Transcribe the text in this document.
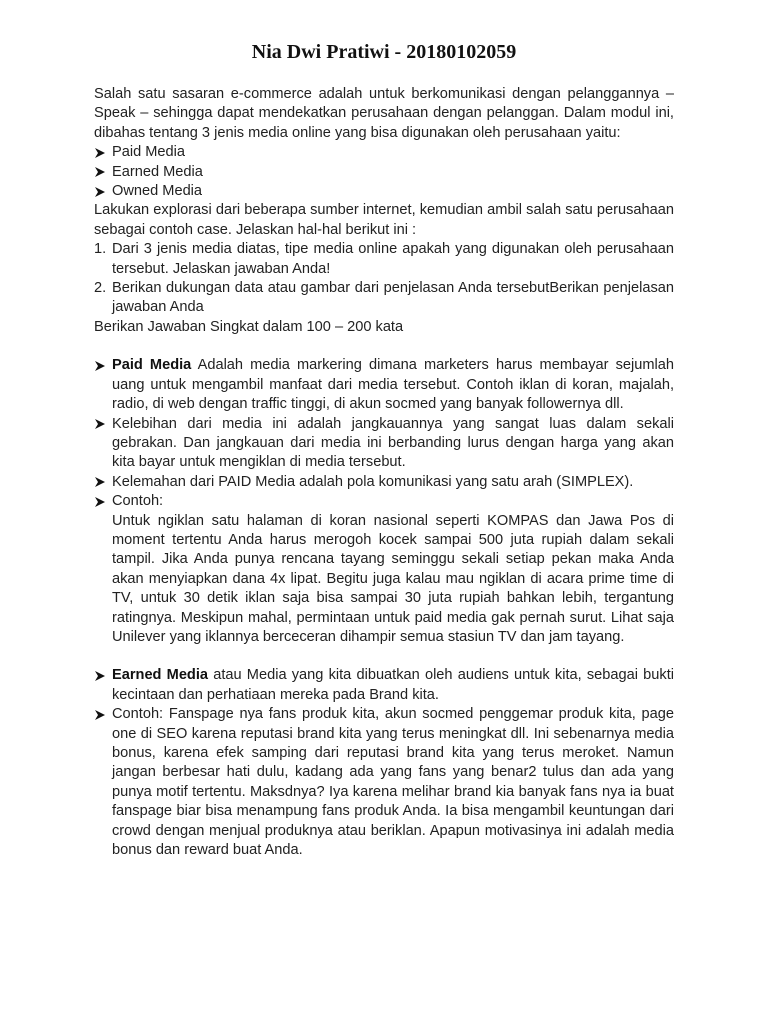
Nia Dwi Pratiwi - 20180102059

Salah satu sasaran e-commerce adalah untuk berkomunikasi dengan pelanggannya – Speak – sehingga dapat mendekatkan perusahaan dengan pelanggan. Dalam modul ini, dibahas tentang 3 jenis media online yang bisa digunakan oleh perusahaan yaitu:

Paid Media
Earned Media
Owned Media

Lakukan explorasi dari beberapa sumber internet, kemudian ambil salah satu perusahaan sebagai contoh case. Jelaskan hal-hal berikut ini :

1. Dari 3 jenis media diatas, tipe media online apakah yang digunakan oleh perusahaan tersebut. Jelaskan jawaban Anda!
2. Berikan dukungan data atau gambar dari penjelasan Anda tersebutBerikan penjelasan jawaban Anda

Berikan Jawaban Singkat dalam 100 – 200 kata

Paid Media Adalah media markering dimana marketers harus membayar sejumlah uang untuk mengambil manfaat dari media tersebut. Contoh iklan di koran, majalah, radio, di web dengan traffic tinggi, di akun socmed yang banyak followernya dll.
Kelebihan dari media ini adalah jangkauannya yang sangat luas dalam sekali gebrakan. Dan jangkauan dari media ini berbanding lurus dengan harga yang akan kita bayar untuk mengiklan di media tersebut.
Kelemahan dari PAID Media adalah pola komunikasi yang satu arah (SIMPLEX).
Contoh:
Untuk ngiklan satu halaman di koran nasional seperti KOMPAS dan Jawa Pos di moment tertentu Anda harus merogoh kocek sampai 500 juta rupiah dalam sekali tampil. Jika Anda punya rencana tayang seminggu sekali setiap pekan maka Anda akan menyiapkan dana 4x lipat. Begitu juga kalau mau ngiklan di acara prime time di TV, untuk 30 detik iklan saja bisa sampai 30 juta rupiah bahkan lebih, tergantung ratingnya. Meskipun mahal, permintaan untuk paid media gak pernah surut. Lihat saja Unilever yang iklannya berceceran dihampir semua stasiun TV dan jam tayang.
Earned Media atau Media yang kita dibuatkan oleh audiens untuk kita, sebagai bukti kecintaan dan perhatiaan mereka pada Brand kita.
Contoh: Fanspage nya fans produk kita, akun socmed penggemar produk kita, page one di SEO karena reputasi brand kita yang terus meningkat dll. Ini sebenarnya media bonus, karena efek samping dari reputasi brand kita yang terus meroket. Namun jangan berbesar hati dulu, kadang ada yang fans yang benar2 tulus dan ada yang punya motif tertentu. Maksdnya? Iya karena melihar brand kia banyak fans nya ia buat fanspage biar bisa menampung fans produk Anda. Ia bisa mengambil keuntungan dari crowd dengan menjual produknya atau beriklan. Apapun motivasinya ini adalah media bonus dan reward buat Anda.
